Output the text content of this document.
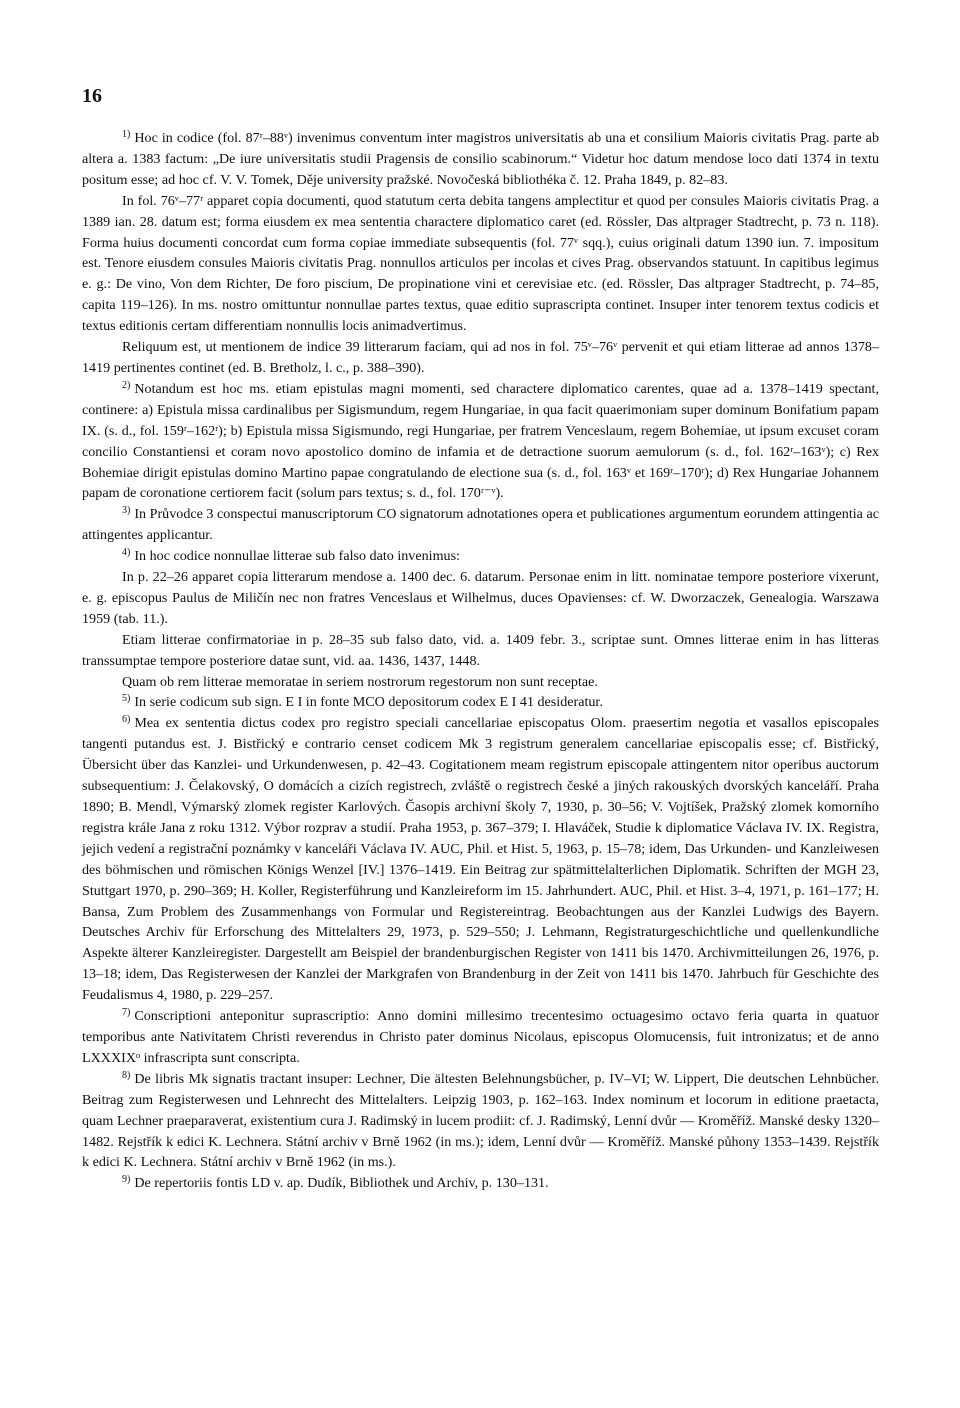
16

$^1$ ) Hoc in codice (fol. 87ʳ–88ᵛ) invenimus conventum inter magistros universitatis ab una et consilium Maioris civitatis Prag. parte ab altera a. 1383 factum: „De iure universitatis studii Pragensis de consilio scabinorum.“ Videtur hoc datum mendose loco dati 1374 in textu positum esse; ad hoc cf. V. V. Tomek, Děje university pražské. Novočeská bibliothéka č. 12. Praha 1849, p. 82–83.

In fol. 76ᵛ–77ʳ apparet copia documenti, quod statutum certa debita tangens amplectitur et quod per consules Maioris civitatis Prag. a 1389 ian. 28. datum est; forma eiusdem ex mea sententia charactere diplomatico caret (ed. Rössler, Das altprager Stadtrecht, p. 73 n. 118). Forma huius documenti concordat cum forma copiae immediate subsequentis (fol. 77ᵛ sqq.), cuius originali datum 1390 iun. 7. impositum est. Tenore eiusdem consules Maioris civitatis Prag. nonnullos articulos per incolas et cives Prag. observandos statuunt. In capitibus legimus e. g.: De vino, Von dem Richter, De foro piscium, De propinatione vini et cerevisiae etc. (ed. Rössler, Das altprager Stadtrecht, p. 74–85, capita 119–126). In ms. nostro omittuntur nonnullae partes textus, quae editio suprascripta continet. Insuper inter tenorem textus codicis et textus editionis certam differentiam nonnullis locis animadvertimus.

Reliquum est, ut mentionem de indice 39 litterarum faciam, qui ad nos in fol. 75ᵛ–76ᵛ pervenit et qui etiam litterae ad annos 1378–1419 pertinentes continet (ed. B. Bretholz, l. c., p. 388–390).

$^2$ ) Notandum est hoc ms. etiam epistulas magni momenti, sed charactere diplomatico carentes, quae ad a. 1378–1419 spectant, continere: a) Epistula missa cardinalibus per Sigismundum, regem Hungariae, in qua facit quaerimoniam super dominum Bonifatium papam IX. (s. d., fol. 159ʳ–162ʳ); b) Epistula missa Sigismundo, regi Hungariae, per fratrem Venceslaum, regem Bohemiae, ut ipsum excuset coram concilio Constantiensi et coram novo apostolico domino de infamia et de detractione suorum aemulorum (s. d., fol. 162ʳ–163ᵛ); c) Rex Bohemiae dirigit epistulas domino Martino papae congratulando de electione sua (s. d., fol. 163ᵛ et 169ʳ–170ʳ); d) Rex Hungariae Johannem papam de coronatione certiorem facit (solum pars textus; s. d., fol. 170ʳ⁻ᵛ).

$^3$ ) In Průvodce 3 conspectui manuscriptorum CO signatorum adnotationes opera et publicationes argumentum eorundem attingentia ac attingentes applicantur.

$^4$ ) In hoc codice nonnullae litterae sub falso dato invenimus:

In p. 22–26 apparet copia litterarum mendose a. 1400 dec. 6. datarum. Personae enim in litt. nominatae tempore posteriore vixerunt, e. g. episcopus Paulus de Miličín nec non fratres Venceslaus et Wilhelmus, duces Opavienses: cf. W. Dworzaczek, Genealogia. Warszawa 1959 (tab. 11.).

Etiam litterae confirmatoriae in p. 28–35 sub falso dato, vid. a. 1409 febr. 3., scriptae sunt. Omnes litterae enim in has litteras transsumptae tempore posteriore datae sunt, vid. aa. 1436, 1437, 1448.

Quam ob rem litterae memoratae in seriem nostrorum regestorum non sunt receptae.

$^5$ ) In serie codicum sub sign. E I in fonte MCO depositorum codex E I 41 desideratur.

$^6$ ) Mea ex sententia dictus codex pro registro speciali cancellariae episcopatus Olom. praesertim negotia et vasallos episcopales tangenti putandus est. J. Bistřický e contrario censet codicem Mk 3 registrum generalem cancellariae episcopalis esse; cf. Bistřický, Übersicht über das Kanzlei- und Urkundenwesen, p. 42–43. Cogitationem meam registrum episcopale attingentem nitor operibus auctorum subsequentium: J. Čelakovský, O domácích a cizích registrech, zvláště o registrech české a jiných rakouských dvorských kanceláří. Praha 1890; B. Mendl, Výmarský zlomek register Karlových. Časopis archivní školy 7, 1930, p. 30–56; V. Vojtíšek, Pražský zlomek komorního registra krále Jana z roku 1312. Výbor rozprav a studií. Praha 1953, p. 367–379; I. Hlaváček, Studie k diplomatice Václava IV. IX. Registra, jejich vedení a registrační poznámky v kanceláři Václava IV. AUC, Phil. et Hist. 5, 1963, p. 15–78; idem, Das Urkunden- und Kanzleiwesen des böhmischen und römischen Königs Wenzel [IV.] 1376–1419. Ein Beitrag zur spätmittelalterlichen Diplomatik. Schriften der MGH 23, Stuttgart 1970, p. 290–369; H. Koller, Registerführung und Kanzleireform im 15. Jahrhundert. AUC, Phil. et Hist. 3–4, 1971, p. 161–177; H. Bansa, Zum Problem des Zusammenhangs von Formular und Registereintrag. Beobachtungen aus der Kanzlei Ludwigs des Bayern. Deutsches Archiv für Erforschung des Mittelalters 29, 1973, p. 529–550; J. Lehmann, Registraturgeschichtliche und quellenkundliche Aspekte älterer Kanzleiregister. Dargestellt am Beispiel der brandenburgischen Register von 1411 bis 1470. Archivmitteilungen 26, 1976, p. 13–18; idem, Das Registerwesen der Kanzlei der Markgrafen von Brandenburg in der Zeit von 1411 bis 1470. Jahrbuch für Geschichte des Feudalismus 4, 1980, p. 229–257.

$^7$ ) Conscriptioni anteponitur suprascriptio: Anno domini millesimo trecentesimo octuagesimo octavo feria quarta in quatuor temporibus ante Nativitatem Christi reverendus in Christo pater dominus Nicolaus, episcopus Olomucensis, fuit intronizatus; et de anno LXXXIXᵒ infrascripta sunt conscripta.

$^8$ ) De libris Mk signatis tractant insuper: Lechner, Die ältesten Belehnungsbücher, p. IV–VI; W. Lippert, Die deutschen Lehnbücher. Beitrag zum Registerwesen und Lehnrecht des Mittelalters. Leipzig 1903, p. 162–163. Index nominum et locorum in editione praetacta, quam Lechner praeparaverat, existentium cura J. Radimský in lucem prodiit: cf. J. Radimský, Lenní dvůr — Kroměříž. Manské desky 1320–1482. Rejstřík k edici K. Lechnera. Státní archiv v Brně 1962 (in ms.); idem, Lenní dvůr — Kroměříž. Manské půhony 1353–1439. Rejstřík k edici K. Lechnera. Státní archiv v Brně 1962 (in ms.).

$^9$ ) De repertoriis fontis LD v. ap. Dudík, Bibliothek und Archiv, p. 130–131.
